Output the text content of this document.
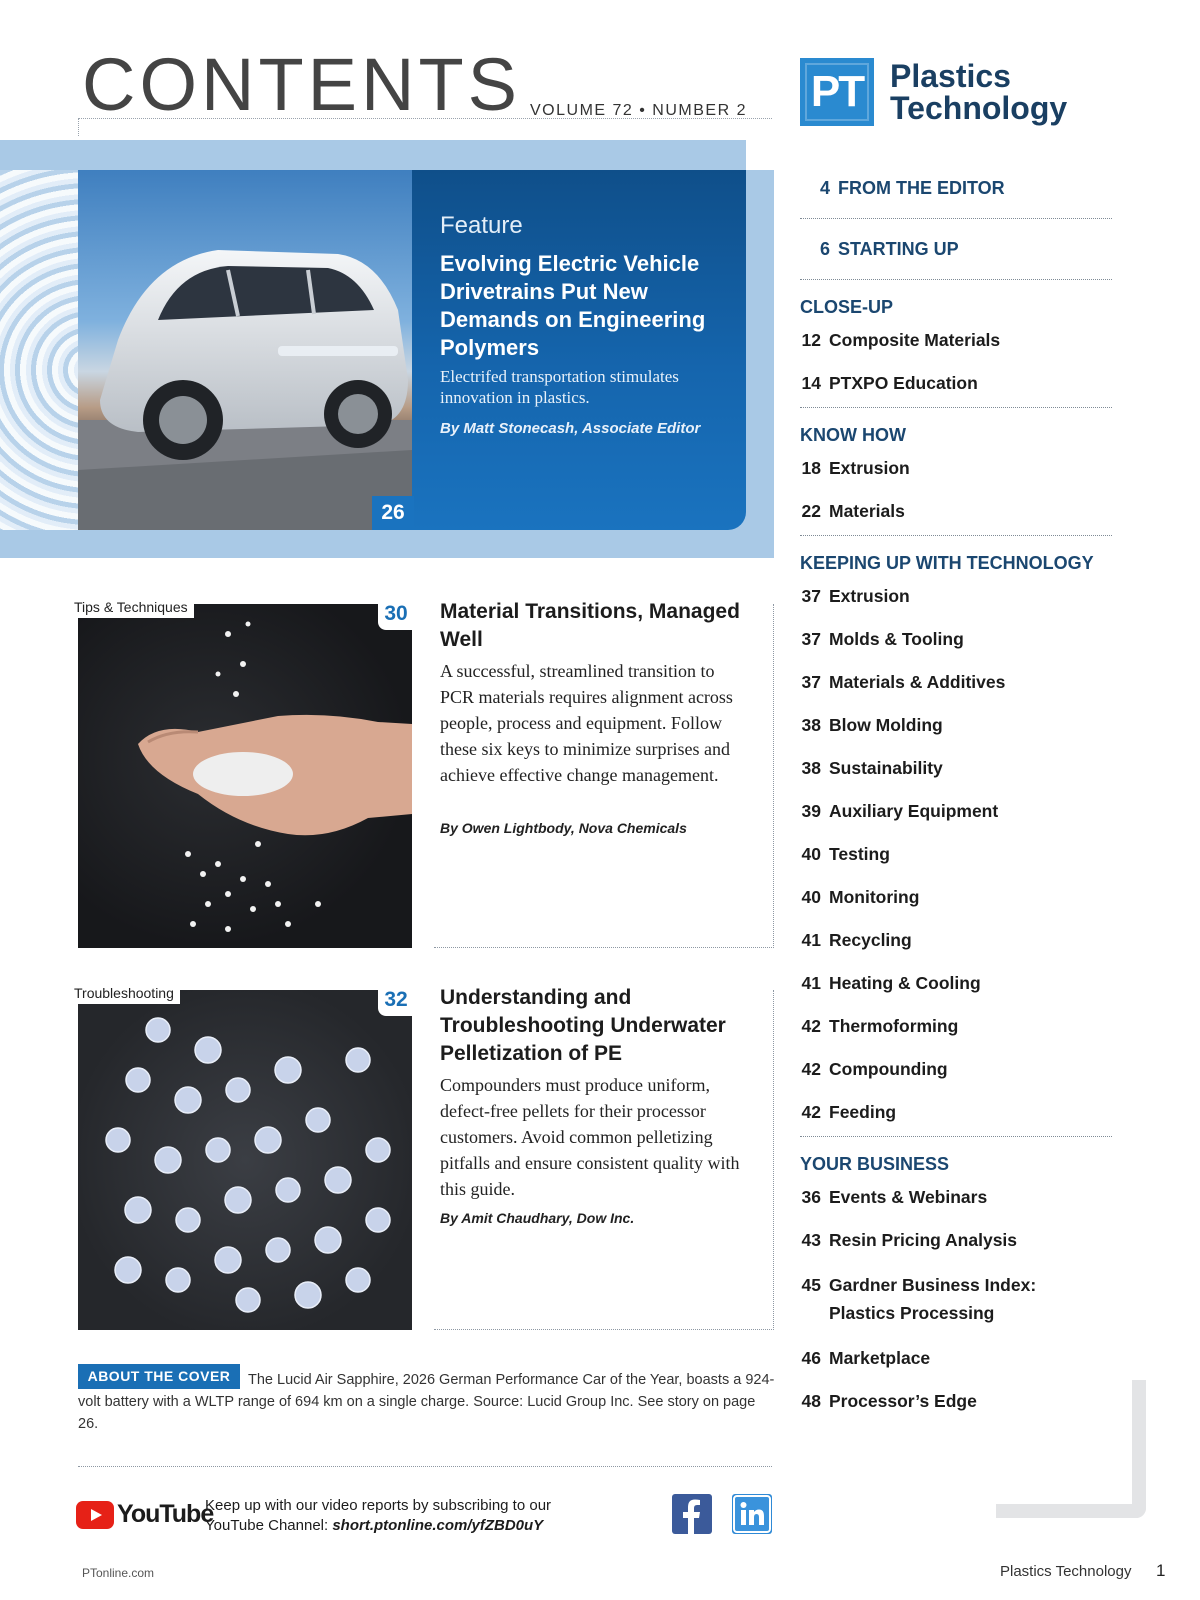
CONTENTS VOLUME 72 • NUMBER 2 PT Plastics
Technology
Feature
Evolving Electric Vehicle Drivetrains Put New Demands on Engineering Polymers
Electrifed transportation stimulates innovation in plastics.
By Matt Stonecash, Associate Editor
26
Tips & Techniques	30	Material Transitions, Managed Well
A successful, streamlined transition to PCR materials requires alignment across people, process and equipment. Follow these six keys to minimize surprises and achieve effective change management.
By Owen Lightbody, Nova Chemicals
Troubleshooting	32	Understanding and Troubleshooting Underwater Pelletization of PE
Compounders must produce uniform, defect-free pellets for their processor customers. Avoid common pelletizing pitfalls and ensure consistent quality with this guide.
By Amit Chaudhary, Dow Inc.
The Lucid Air Sapphire, 2026 German Performance Car of the Year, boasts a 924-volt battery with a WLTP range of 694 km on a single charge. Source: Lucid Group Inc. See story on page 26.
ABOUT THE COVER
YouTube
Keep up with our video reports by subscribing to our
YouTube Channel: short.ptonline.com/yfZBD0uY
PTonline.com	Plastics Technology 1
4 FROM THE EDITOR
6 STARTING UP
CLOSE-UP
12 Composite Materials
14 PTXPO Education
KNOW HOW
18 Extrusion
22 Materials
KEEPING UP WITH TECHNOLOGY
37 Extrusion
37 Molds & Tooling
37 Materials & Additives
38 Blow Molding
38 Sustainability
39 Auxiliary Equipment
40 Testing
40 Monitoring
41 Recycling
41 Heating & Cooling
42 Thermoforming
42 Compounding
42 Feeding
YOUR BUSINESS
36 Events & Webinars
43 Resin Pricing Analysis
45 Gardner Business Index: Plastics Processing
46 Marketplace
48 Processor’s Edge
